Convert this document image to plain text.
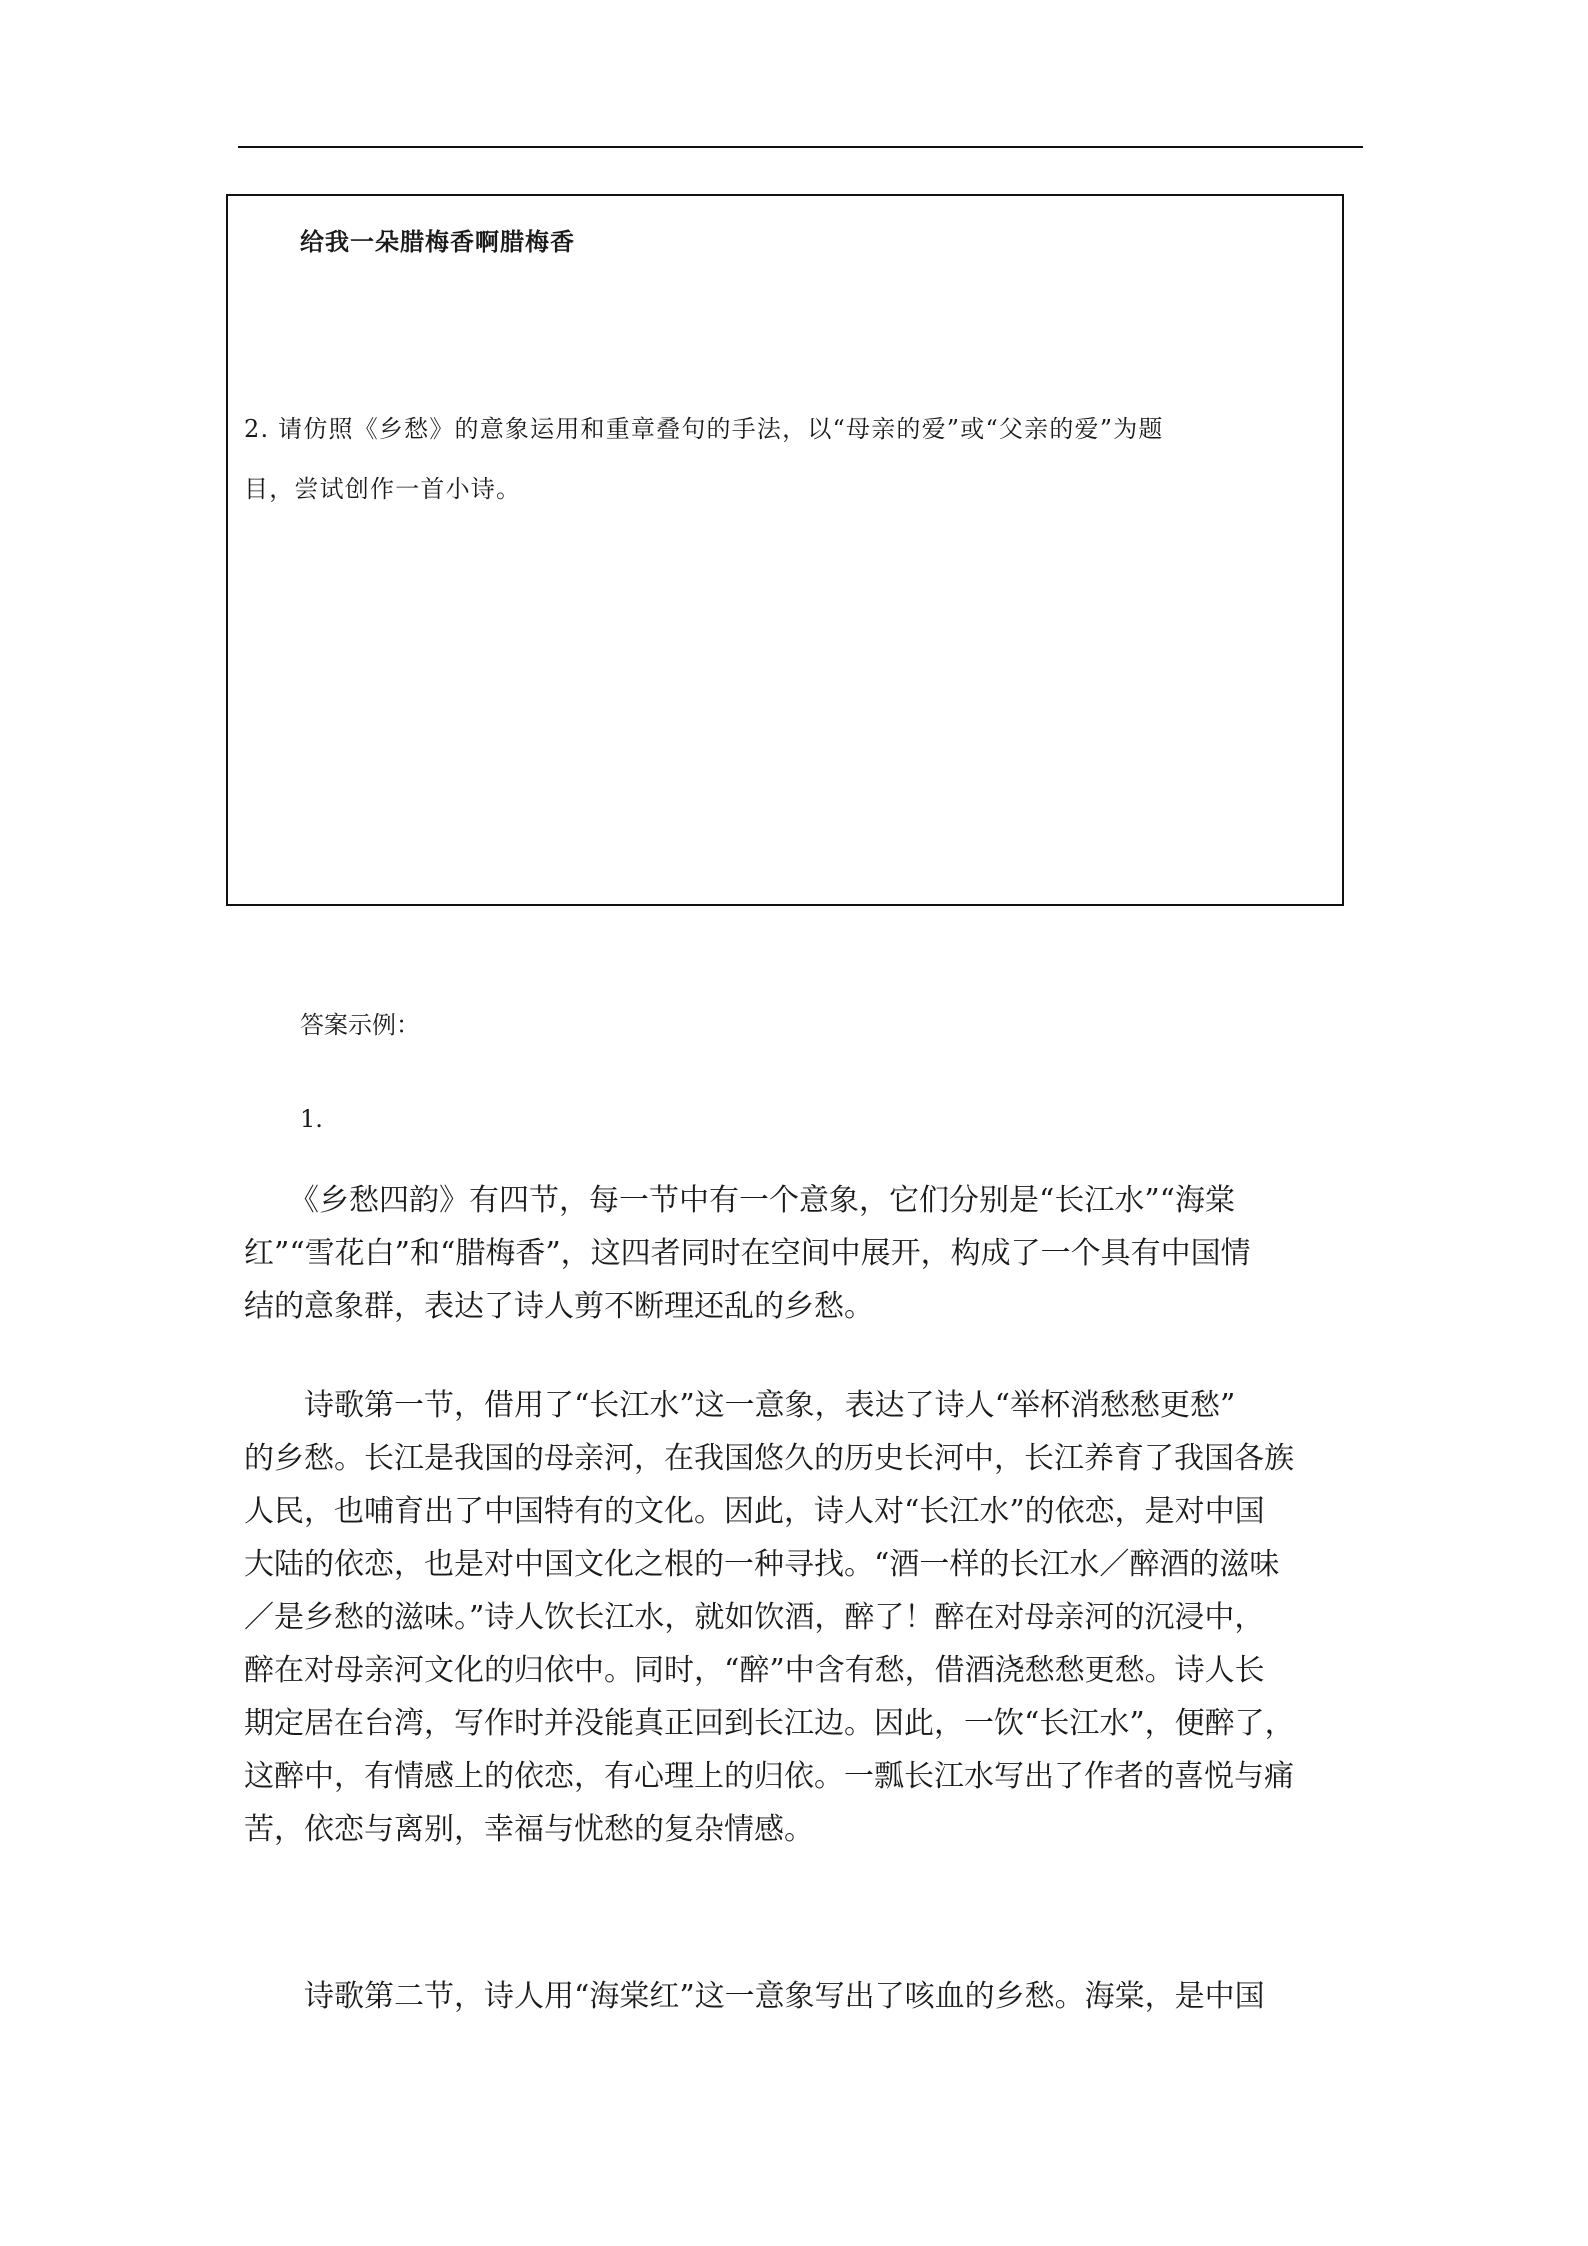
给我一朵腊梅香啊腊梅香
2. 请仿照《乡愁》的意象运用和重章叠句的手法，以“母亲的爱”或“父亲的爱”为题
目，尝试创作一首小诗。
答案示例：
1.
　　《乡愁四韵》有四节，每一节中有一个意象，它们分别是“长江水”“海棠
红”“雪花白”和“腊梅香”，这四者同时在空间中展开，构成了一个具有中国情
结的意象群，表达了诗人剪不断理还乱的乡愁。
　　诗歌第一节，借用了“长江水”这一意象，表达了诗人“举杯消愁愁更愁”
的乡愁。长江是我国的母亲河，在我国悠久的历史长河中，长江养育了我国各族
人民，也哺育出了中国特有的文化。因此，诗人对“长江水”的依恋，是对中国
大陆的依恋，也是对中国文化之根的一种寻找。“酒一样的长江水／醉酒的滋味
／是乡愁的滋味。”诗人饮长江水，就如饮酒，醉了！醉在对母亲河的沉浸中，
醉在对母亲河文化的归依中。同时，“醉”中含有愁，借酒浇愁愁更愁。诗人长
期定居在台湾，写作时并没能真正回到长江边。因此，一饮“长江水”，便醉了，
这醉中，有情感上的依恋，有心理上的归依。一瓢长江水写出了作者的喜悦与痛
苦，依恋与离别，幸福与忧愁的复杂情感。
　　诗歌第二节，诗人用“海棠红”这一意象写出了咳血的乡愁。海棠，是中国
